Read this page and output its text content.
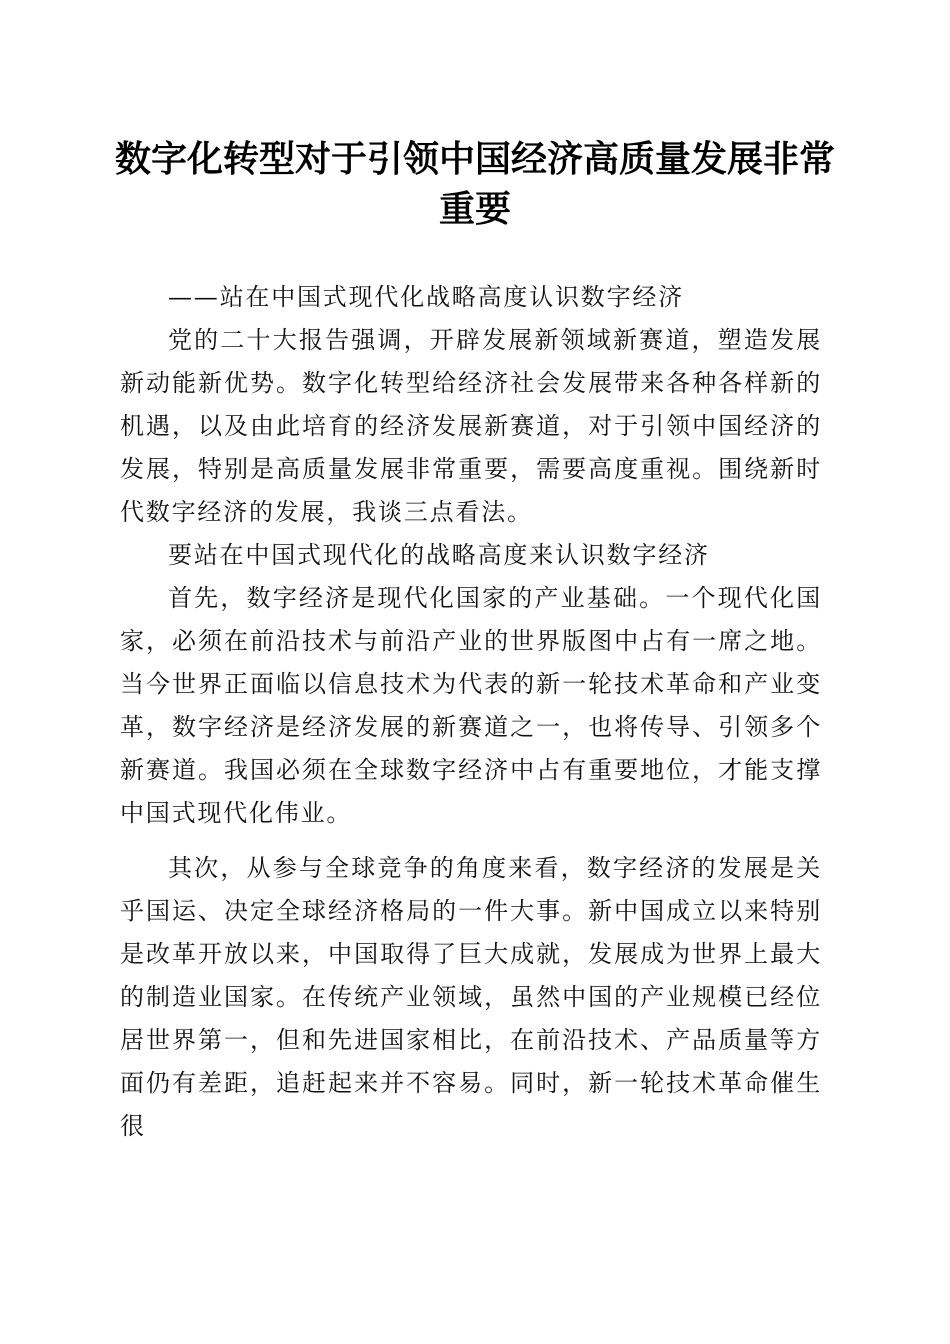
数字化转型对于引领中国经济高质量发展非常重要

——站在中国式现代化战略高度认识数字经济

党的二十大报告强调，开辟发展新领域新赛道，塑造发展新动能新优势。数字化转型给经济社会发展带来各种各样新的机遇，以及由此培育的经济发展新赛道，对于引领中国经济的发展，特别是高质量发展非常重要，需要高度重视。围绕新时代数字经济的发展，我谈三点看法。

要站在中国式现代化的战略高度来认识数字经济

首先，数字经济是现代化国家的产业基础。一个现代化国家，必须在前沿技术与前沿产业的世界版图中占有一席之地。当今世界正面临以信息技术为代表的新一轮技术革命和产业变革，数字经济是经济发展的新赛道之一，也将传导、引领多个新赛道。我国必须在全球数字经济中占有重要地位，才能支撑中国式现代化伟业。

其次，从参与全球竞争的角度来看，数字经济的发展是关乎国运、决定全球经济格局的一件大事。新中国成立以来特别是改革开放以来，中国取得了巨大成就，发展成为世界上最大的制造业国家。在传统产业领域，虽然中国的产业规模已经位居世界第一，但和先进国家相比，在前沿技术、产品质量等方面仍有差距，追赶起来并不容易。同时，新一轮技术革命催生很
